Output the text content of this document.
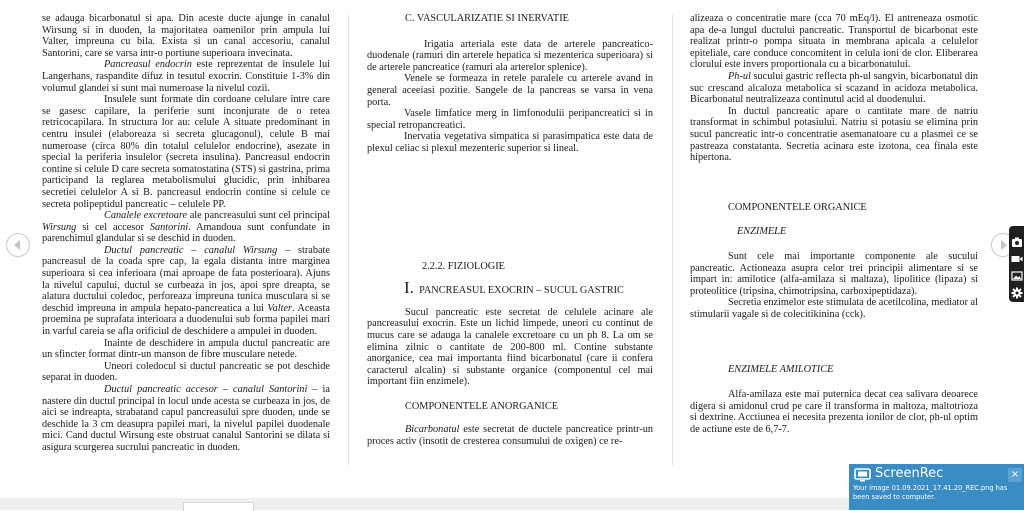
se adauga bicarbonatul si apa. Din aceste ducte ajunge in canalul Wirsung si in duoden, la majoritatea oamenilor prin ampula lui Valter, impreuna cu bila. Exista si un canal accesoriu, canalul Santorini, care se varsa intr-o portiune superioara invecinata.

Pancreasul endocrin este reprezentat de insulele lui Langerhans, raspandite difuz in tesutul exocrin. Constituie 1-3% din volumul glandei si sunt mai numeroase la nivelul cozii.

Insulele sunt formate din cordoane celulare intre care se gasesc capilare, la periferie sunt inconjurate de o retea retricocapilara. In structura lor au: celule A situate predominant in centru insulei (elaboreaza si secreta glucagonul), celule B mai numeroase (circa 80% din totalul celulelor endocrine), asezate in special la periferia insulelor (secreta insulina). Pancreasul endocrin contine si celule D care secreta somatostatina (STS) si gastrina, prima participand la reglarea metabolismului glucidic, prin inhibarea secretiei celulelor A si B. pancreasul endocrin contine si celule ce secreta polipeptidul pancreatic – celulele PP.

Canalele excretoare ale pancreasului sunt cel principal Wirsung si cel accesor Santorini. Amandoua sunt confundate in parenchimul glandular si se deschid in duoden.

Ductul pancreatic – canalul Wirsung – strabate pancreasul de la coada spre cap, la egala distanta intre marginea superioara si cea inferioara (mai aproape de fata posterioara). Ajuns la nivelul capului, ductul se curbeaza in jos, apoi spre dreapta, se alatura ductului coledoc, perforeaza impreuna tunica musculara si se deschid impreuna in ampula hepato-pancreatica a lui Valter. Aceasta proemina pe suprafata interioara a duodenului sub forma papilei mari in varful careia se afla orificiul de deschidere a ampulei in duoden.

Inainte de deschidere in ampula ductul pancreatic are un sfincter format dintr-un manson de fibre musculare netede.

Uneori coledocul si ductul pancreatic se pot deschide separat in duoden.

Ductul pancreatic accesor – canalul Santorini – ia nastere din ductul principal in locul unde acesta se curbeaza in jos, de aici se indreapta, strabatand capul pancreasului spre duoden, unde se deschide la 3 cm deasupra papilei mari, la nivelul papilei duodenale mici. Cand ductul Wirsung este obstruat canalul Santorini se dilata si asigura scurgerea sucrului pancreatic in duoden.

C. VASCULARIZATIE SI INERVATIE

Irigatia arteriala este data de arterele pancreatico-duodenale (ramuri din arterele hepatica si mezenterica superioara) si de arterele pancreatice (ramuri ala arterelor splenice).

Venele se formeaza in retele paralele cu arterele avand in general aceeiasi pozitie. Sangele de la pancreas se varsa in vena porta.

Vasele limfatice merg in limfonodulii peripancreatici si in special retropancreatici.

Inervatia vegetativa simpatica si parasimpatica este data de plexul celiac si plexul mezenteric superior si lineal.

2.2.2. FIZIOLOGIE

I. PANCREASUL EXOCRIN – SUCUL GASTRIC

Sucul pancreatic este secretat de celulele acinare ale pancreasului exocrin. Este un lichid limpede, uneori cu continut de mucus care se adauga la canalele excretoare cu un ph 8. La om se elimina zilnic o cantitate de 200-800 ml. Contine substante anorganice, cea mai importanta fiind bicarbonatul (care ii confera caracterul alcalin) si substante organice (componentul cel mai important fiin enzimele).

COMPONENTELE ANORGANICE

Bicarbonatul este secretat de ductele pancreatice printr-un proces activ (insotit de cresterea consumului de oxigen) ce re-

alizeaza o concentratie mare (cca 70 mEq/l). El antreneaza osmotic apa de-a lungul ductului pancreatic. Transportul de bicarbonat este realizat printr-o pompa situata in membrana apicala a celulelor epiteliale, care conduce concomitent in celula ioni de clor. Eliberarea clorului este invers proportionala cu a bicarbonatului.

Ph-ul sucului gastric reflecta ph-ul sangvin, bicarbonatul din suc crescand alcaloza metabolica si scazand in acidoza metabolica. Bicarbonatul neutralizeaza continutul acid al duodenului.

In ductul pancreatic apare o cantitate mare de natriu transformat in schimbul potasiului. Natriu si potasiu se elimina prin sucul pancreatic intr-o concentratie asemanatoare cu a plasmei ce se pastreaza constatanta. Secretia acinara este izotona, cea finala este hipertona.

COMPONENTELE ORGANICE

ENZIMELE

Sunt cele mai importante componente ale sucului pancreatic. Actioneaza asupra celor trei principii alimentare si se impart in: amilotice (alfa-amilaza si maltaza), lipolitice (lipaza) si proteolitice (tripsina, chimotripsina, carboxipeptidaza).

Secretia enzimelor este stimulata de acetilcolina, mediator al stimularii vagale si de colecitikinina (cck).

ENZIMELE AMILOTICE

Alfa-amilaza este mai puternica decat cea salivara deoarece digera si amidonul crud pe care il transforma in maltoza, maltotrioza si dextrine. Acctiunea ei necesita prezenta ionilor de clor, ph-ul optim de actiune este de 6,7-7.

ScreenRec	×
Your image 01.09.2021_17.41.20_REC.png has been saved to computer.
